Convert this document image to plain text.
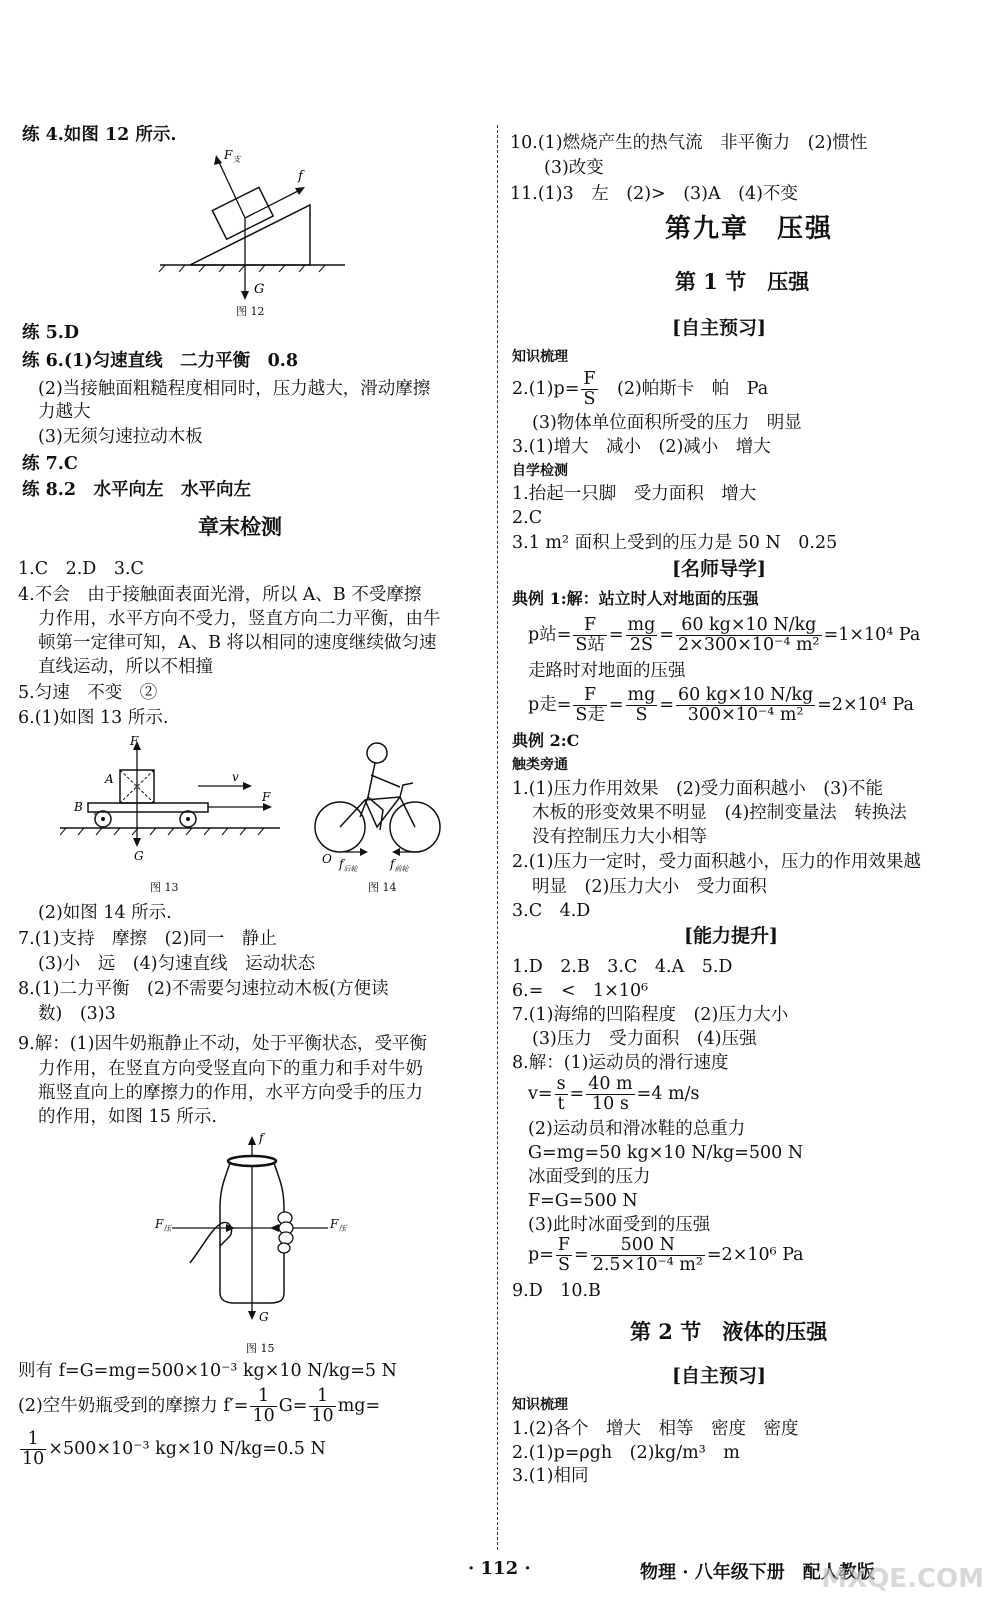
练 4.如图 12 所示.
$F_支$
f
G
图 12
练 5.D
练 6.(1)匀速直线　二力平衡　0.8
(2)当接触面粗糙程度相同时，压力越大，滑动摩擦
力越大
(3)无须匀速拉动木板
练 7.C
练 8.2　水平向左　水平向左
章末检测
1.C　2.D　3.C
4.不会　由于接触面表面光滑，所以 A、B 不受摩擦
力作用，水平方向不受力，竖直方向二力平衡，由牛
顿第一定律可知，A、B 将以相同的速度继续做匀速
直线运动，所以不相撞
5.匀速　不变　②
6.(1)如图 13 所示.
F
A	v
B
F
G
图 13
O $f_{后轮}$	$f_{前轮}$
图 14
(2)如图 14 所示.
7.(1)支持　摩擦　(2)同一　静止
(3)小　远　(4)匀速直线　运动状态
8.(1)二力平衡　(2)不需要匀速拉动木板(方便读
数)　(3)3
9.解：(1)因牛奶瓶静止不动，处于平衡状态，受平衡
力作用，在竖直方向受竖直向下的重力和手对牛奶
瓶竖直向上的摩擦力的作用，水平方向受手的压力
的作用，如图 15 所示.
f
$F_压$	$F_压$
G
图 15
则有 f=G=mg=500×10⁻³ kg×10 N/kg=5 N
(2)空牛奶瓶受到的摩擦力 $f'= \frac{1}{10} G= \frac{1}{10} mg=$
$\frac{1}{10} \times 500\times 10^{-3}$ kg×10 N/kg=0.5 N
10.(1)燃烧产生的热气流　非平衡力　(2)惯性
(3)改变
11.(1)3　左　(2)>　(3)A　(4)不变
第九章　压强
第 1 节　压强
[自主预习]
知识梳理
$2.(1)p= \frac{F}{S}$
　 (2)帕斯卡　帕　Pa
(3)物体单位面积所受的压力　明显
3.(1)增大　减小　(2)减小　增大
自学检测
1.抬起一只脚　受力面积　增大
2.C
3.1 m² 面积上受到的压力是 50 N　0.25
[名师导学]
典例 1:解：站立时人对地面的压强
p站= $\frac{F}{\text{S站}} = \frac{mg}{2S} = \frac{60 kg\times 10 N/kg}{\text{2×300×10⁻⁴ m²}} =1\times 10^4$ Pa
走路时对地面的压强
p走= $\frac{F}{\text{S走}} = \frac{mg}{S} = \frac{60 kg\times 10 N/kg}{\text{300×10⁻⁴ m²}} =2\times 10^4$ Pa
典例 2:C
触类旁通
1.(1)压力作用效果　(2)受力面积越小　(3)不能
木板的形变效果不明显　(4)控制变量法　转换法
没有控制压力大小相等
2.(1)压力一定时，受力面积越小，压力的作用效果越
明显　(2)压力大小　受力面积
3.C　4.D
[能力提升]
1.D　2.B　3.C　4.A　5.D
6.=　<　1×10⁶
7.(1)海绵的凹陷程度　(2)压力大小
(3)压力　受力面积　(4)压强
8.解：(1)运动员的滑行速度
$v= \frac{s}{t} = \frac{40 m}{10 s} =4$ m/s
(2)运动员和滑冰鞋的总重力
G=mg=50 kg×10 N/kg=500 N
冰面受到的压力
F=G=500 N
(3)此时冰面受到的压强
$p= \frac{F}{S} = \frac{500 N}{\text{2.5×10⁻⁴ m²}} =2\times 10^6$ Pa
9.D　10.B
第 2 节　液体的压强
[自主预习]
知识梳理
1.(2)各个　增大　相等　密度　密度
2.(1)p=ρgh　(2)kg/m³　m
3.(1)相同
· 112 ·	物理 · 八年级下册　配人教版
MXQE.COM
